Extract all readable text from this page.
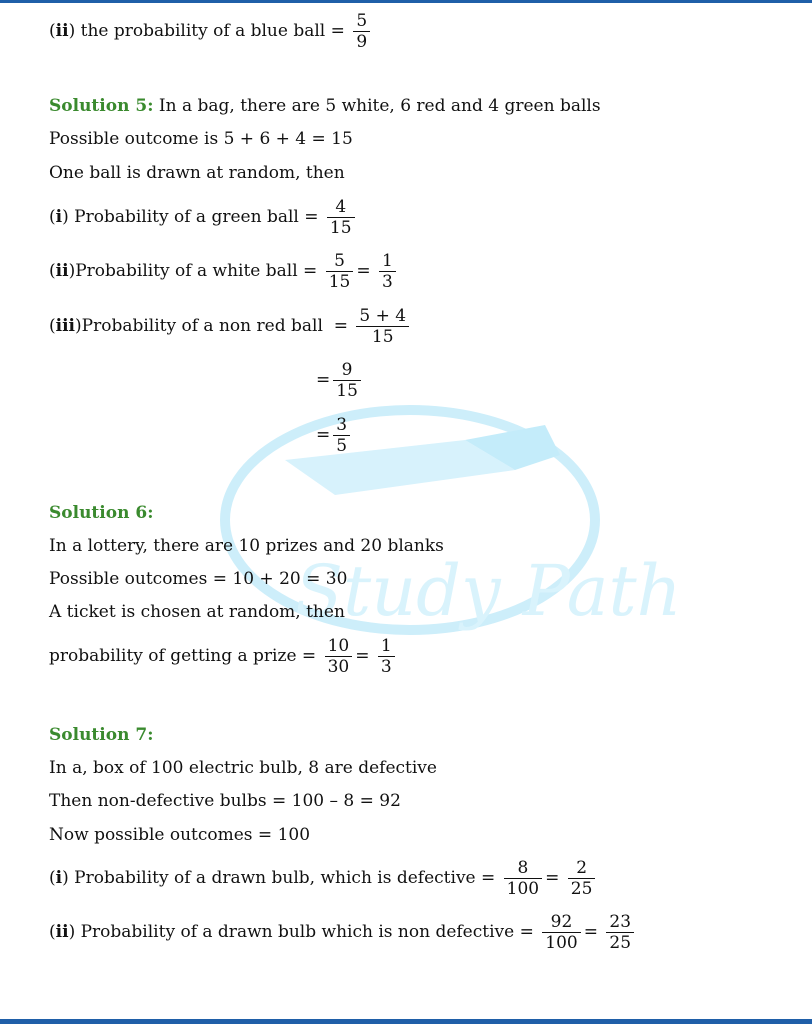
Study Path
(ii) the probability of a blue ball = $\frac{5}{9}$
Solution 5: In a bag, there are 5 white, 6 red and 4 green balls
Possible outcome is 5 + 6 + 4 = 15
One ball is drawn at random, then
(i) Probability of a green ball = $\frac{4}{15}$
(ii)Probability of a white ball = $\frac{5}{15} = \frac{1}{3}$
(iii)Probability of a non red ball  = $\frac{5 + 4}{15}$
= $\frac{9}{15}$
= $\frac{3}{5}$
Solution 6:
In a lottery, there are 10 prizes and 20 blanks
Possible outcomes = 10 + 20 = 30
A ticket is chosen at random, then
probability of getting a prize = $\frac{10}{30} = \frac{1}{3}$
Solution 7:
In a, box of 100 electric bulb, 8 are defective
Then non-defective bulbs = 100 – 8 = 92
Now possible outcomes = 100
(i) Probability of a drawn bulb, which is defective = $\frac{8}{100} = \frac{2}{25}$
(ii) Probability of a drawn bulb which is non defective = $\frac{92}{100} = \frac{23}{25}$
